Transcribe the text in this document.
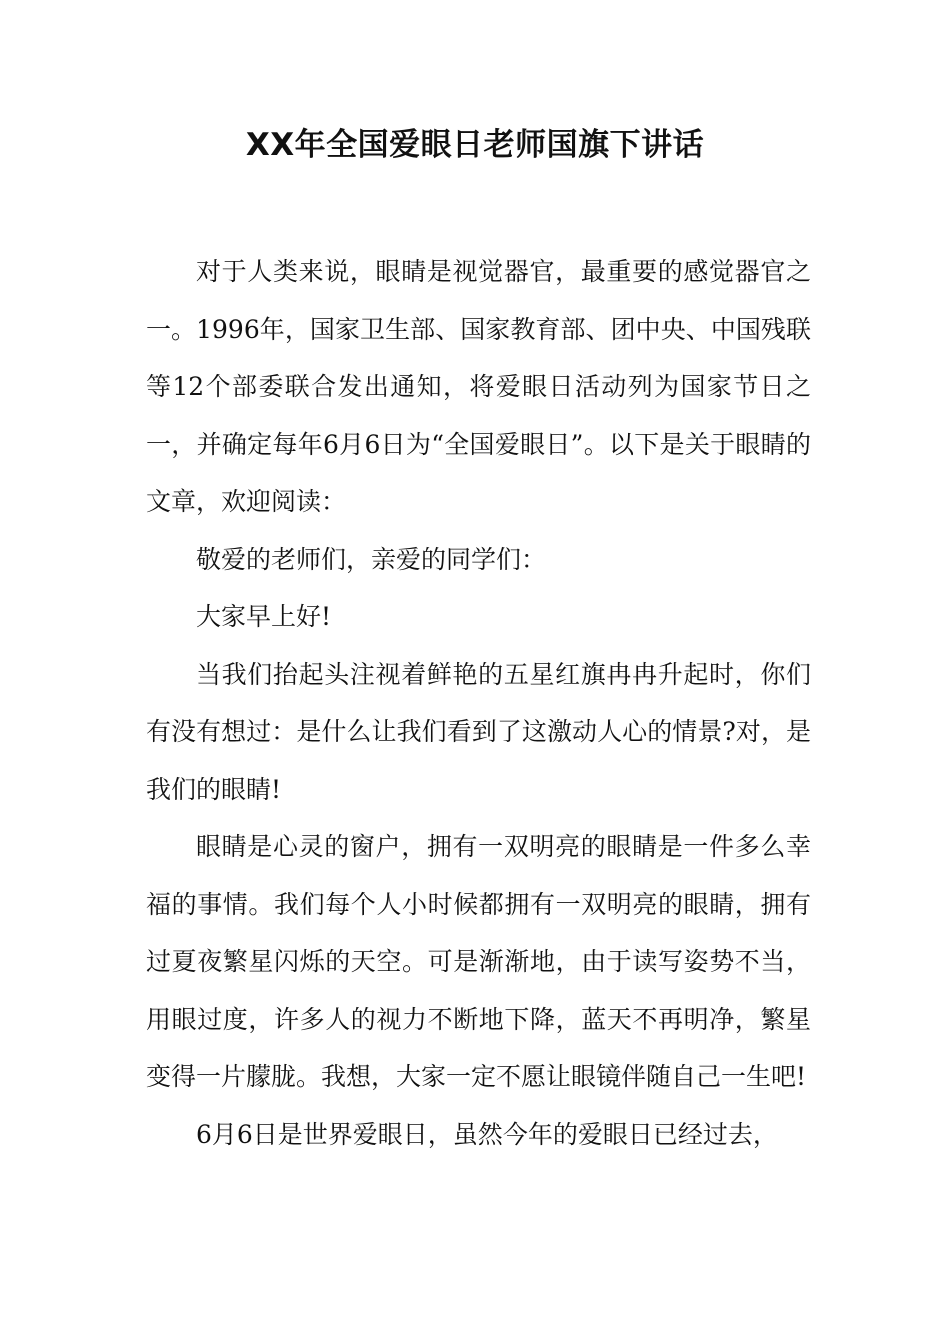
XX年全国爱眼日老师国旗下讲话

对于人类来说，眼睛是视觉器官，最重要的感觉器官之一。1996年，国家卫生部、国家教育部、团中央、中国残联等12个部委联合发出通知，将爱眼日活动列为国家节日之一，并确定每年6月6日为“全国爱眼日”。以下是关于眼睛的文章，欢迎阅读：

敬爱的老师们，亲爱的同学们：

大家早上好!

当我们抬起头注视着鲜艳的五星红旗冉冉升起时，你们有没有想过：是什么让我们看到了这激动人心的情景?对，是我们的眼睛!

眼睛是心灵的窗户，拥有一双明亮的眼睛是一件多么幸福的事情。我们每个人小时候都拥有一双明亮的眼睛，拥有过夏夜繁星闪烁的天空。可是渐渐地，由于读写姿势不当，用眼过度，许多人的视力不断地下降，蓝天不再明净，繁星变得一片朦胧。我想，大家一定不愿让眼镜伴随自己一生吧!

6月6日是世界爱眼日，虽然今年的爱眼日已经过去，
